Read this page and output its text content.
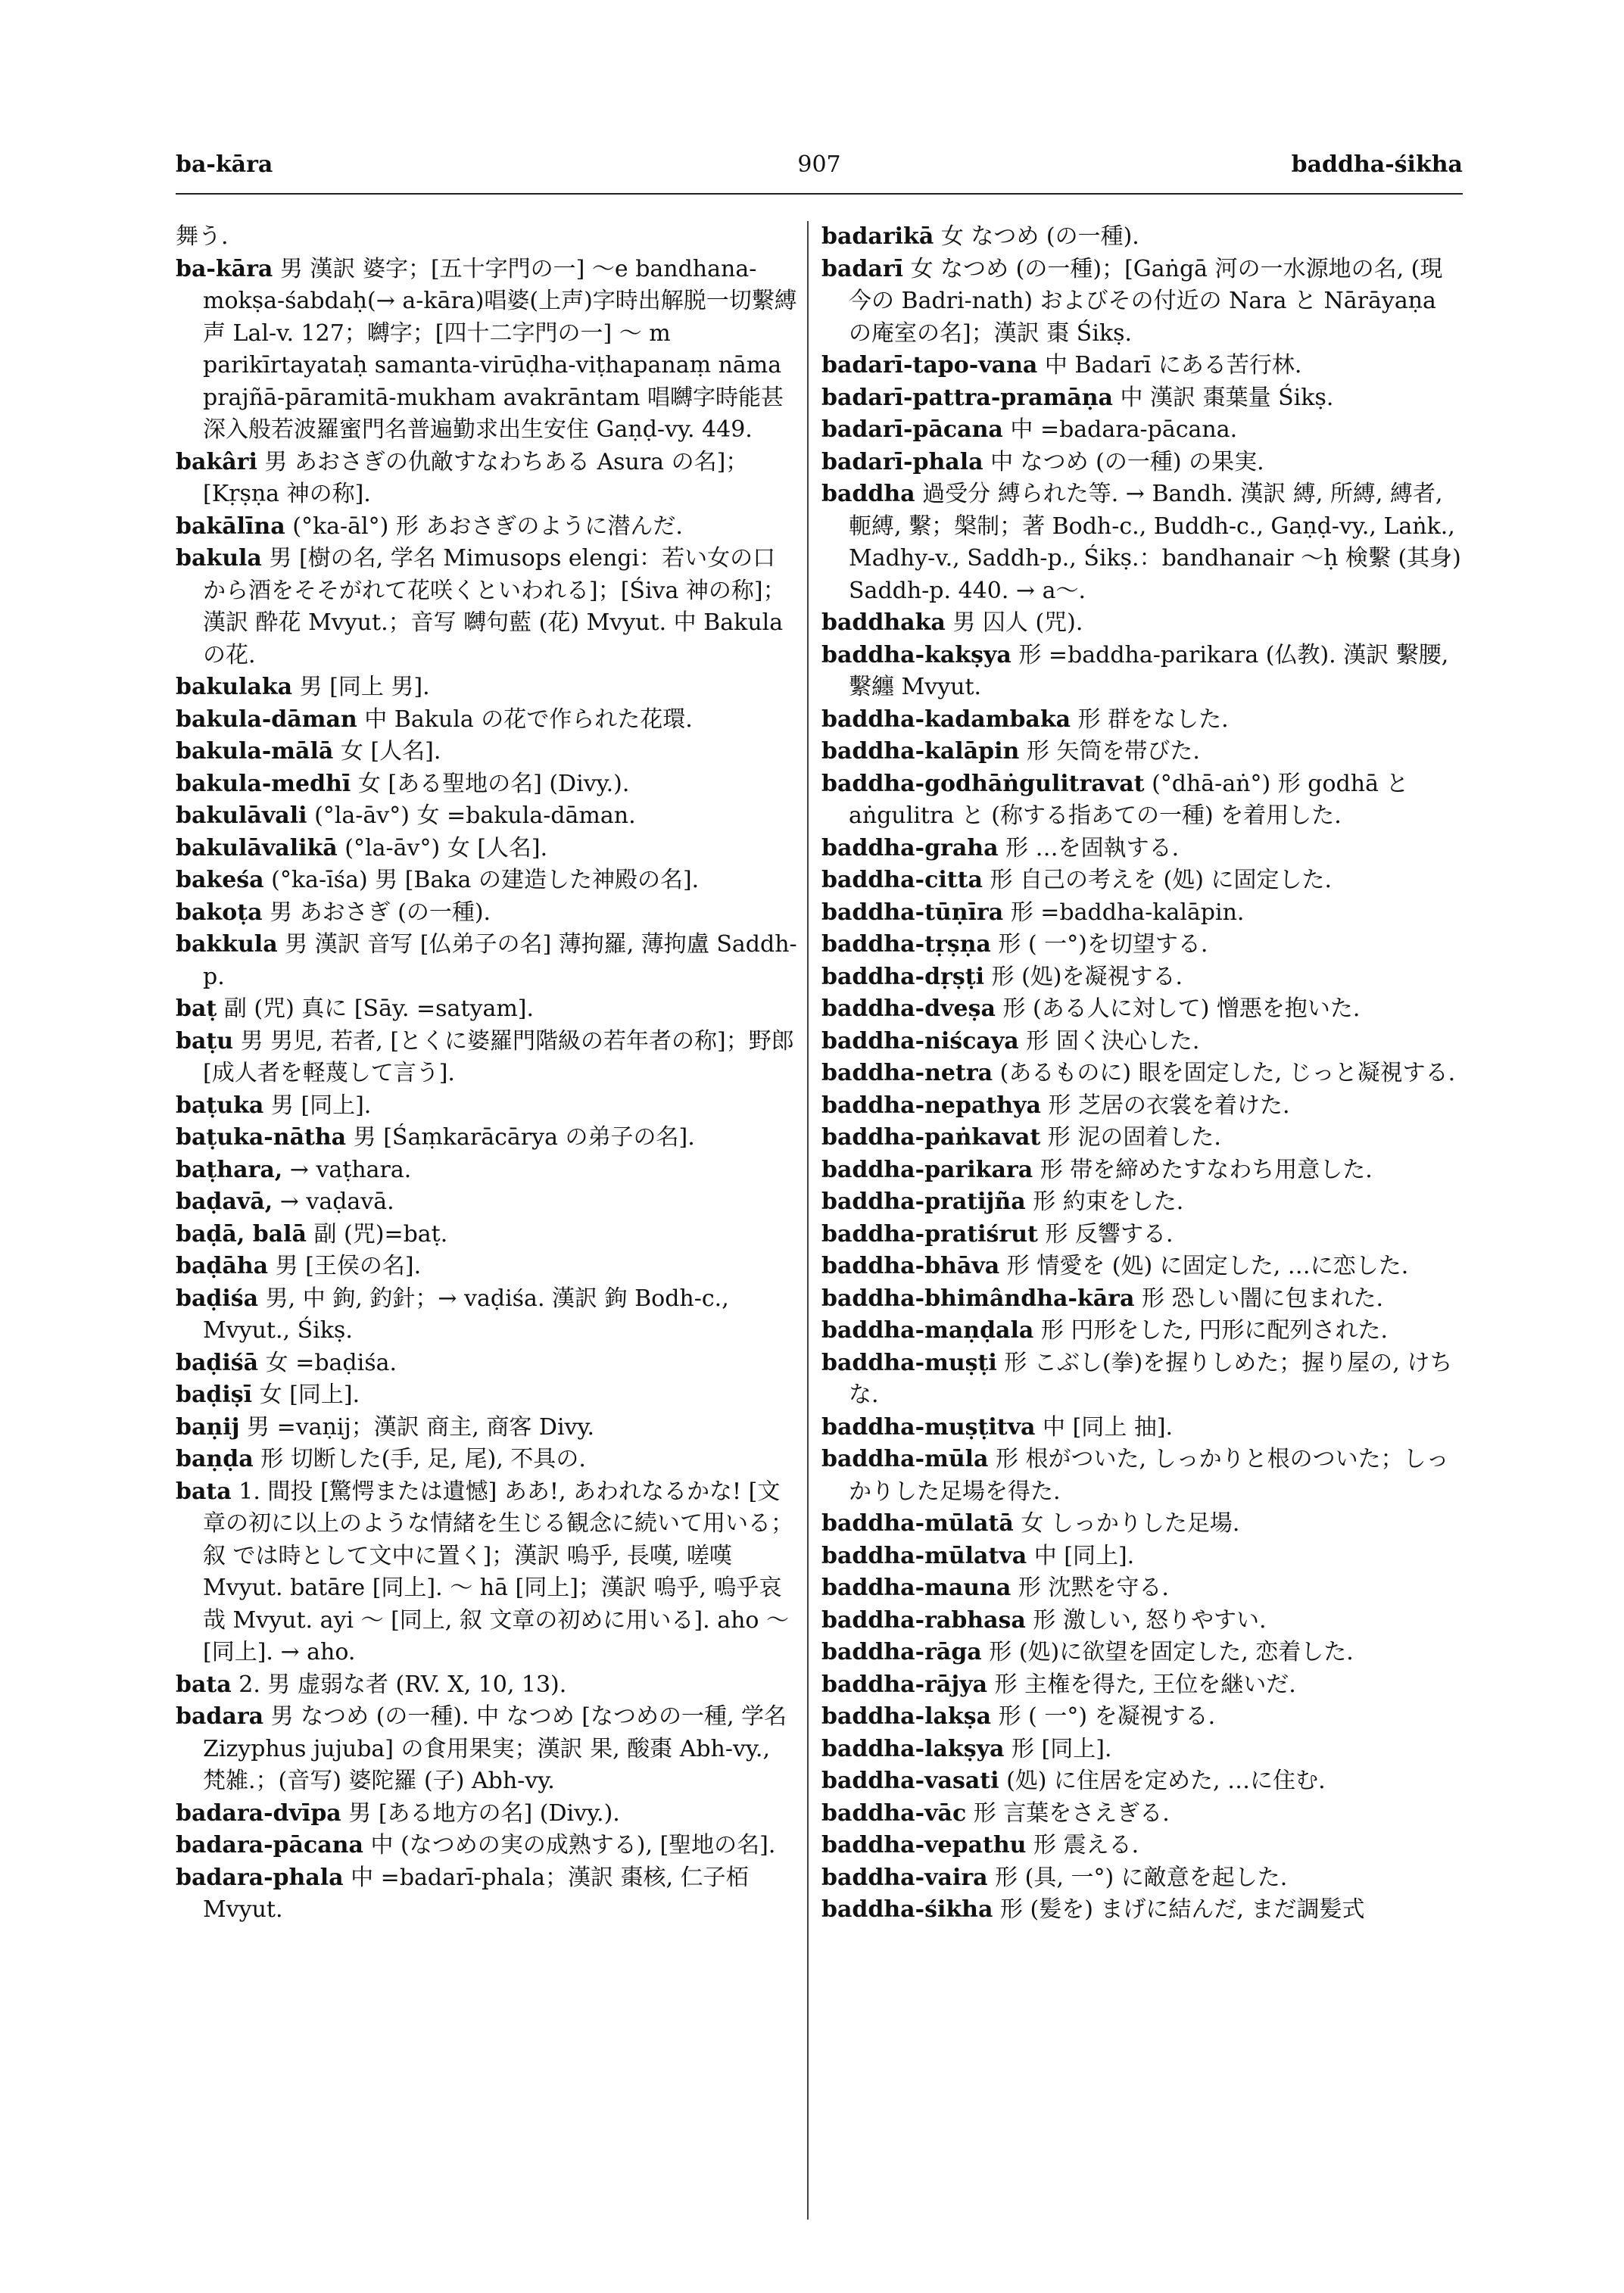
ba-kāra	907	baddha-śikha

舞う.

ba-kāra 男 漢訳 婆字；[五十字門の一] ～e bandhana-mokṣa-śabdaḥ(→ a-kāra)唱婆(上声)字時出解脱一切繫縛声 Lal-v. 127；嚩字；[四十二字門の一] ～ m parikīrtayataḥ samanta-virūḍha-viṭhapanaṃ nāma prajñā-pāramitā-mukham avakrāntam 唱嚩字時能甚深入般若波羅蜜門名普遍勤求出生安住 Gaṇḍ-vy. 449.

bakâri 男 あおさぎの仇敵すなわちある Asura の名]；[Kṛṣṇa 神の称].

bakālīna (°ka-āl°) 形 あおさぎのように潜んだ.

bakula 男 [樹の名, 学名 Mimusops elengi：若い女の口から酒をそそがれて花咲くといわれる]；[Śiva 神の称]；漢訳 酔花 Mvyut.；音写 嚩句藍 (花) Mvyut. 中 Bakula の花.

bakulaka 男 [同上 男].

bakula-dāman 中 Bakula の花で作られた花環.

bakula-mālā 女 [人名].

bakula-medhī 女 [ある聖地の名] (Divy.).

bakulāvali (°la-āv°) 女 =bakula-dāman.

bakulāvalikā (°la-āv°) 女 [人名].

bakeśa (°ka-īśa) 男 [Baka の建造した神殿の名].

bakoṭa 男 あおさぎ (の一種).

bakkula 男 漢訳 音写 [仏弟子の名] 薄拘羅, 薄拘盧 Saddh-p.

baṭ 副 (咒) 真に [Sāy. =satyam].

baṭu 男 男児, 若者, [とくに婆羅門階級の若年者の称]；野郎 [成人者を軽蔑して言う].

baṭuka 男 [同上].

baṭuka-nātha 男 [Śaṃkarācārya の弟子の名].

baṭhara, → vaṭhara.

baḍavā, → vaḍavā.

baḍā, balā 副 (咒)=baṭ.

baḍāha 男 [王侯の名].

baḍiśa 男, 中 鉤, 釣針；→ vaḍiśa. 漢訳 鉤 Bodh-c., Mvyut., Śikṣ.

baḍiśā 女 =baḍiśa.

baḍiṣī 女 [同上].

baṇij 男 =vaṇij；漢訳 商主, 商客 Divy.

baṇḍa 形 切断した(手, 足, 尾), 不具の.

bata 1. 間投 [驚愕または遺憾] ああ!, あわれなるかな! [文章の初に以上のような情緒を生じる観念に続いて用いる；叙 では時として文中に置く]；漢訳 嗚乎, 長嘆, 嗟嘆 Mvyut. batāre [同上]. ～ hā [同上]；漢訳 嗚乎, 嗚乎哀哉 Mvyut. ayi ～ [同上, 叙 文章の初めに用いる]. aho ～ [同上]. → aho.

bata 2. 男 虚弱な者 (RV. X, 10, 13).

badara 男 なつめ (の一種). 中 なつめ [なつめの一種, 学名 Zizyphus jujuba] の食用果実；漢訳 果, 酸棗 Abh-vy., 梵雑.；(音写) 婆陀羅 (子) Abh-vy.

badara-dvīpa 男 [ある地方の名] (Divy.).

badara-pācana 中 (なつめの実の成熟する), [聖地の名].

badara-phala 中 =badarī-phala；漢訳 棗核, 仁子栢 Mvyut.

badarikā 女 なつめ (の一種).

badarī 女 なつめ (の一種)；[Gaṅgā 河の一水源地の名, (現今の Badri-nath) およびその付近の Nara と Nārāyaṇa の庵室の名]；漢訳 棗 Śikṣ.

badarī-tapo-vana 中 Badarī にある苦行林.

badarī-pattra-pramāṇa 中 漢訳 棗葉量 Śikṣ.

badarī-pācana 中 =badara-pācana.

badarī-phala 中 なつめ (の一種) の果実.

baddha 過受分 縛られた等. → Bandh. 漢訳 縛, 所縛, 縛者, 軛縛, 繫；槃制；著 Bodh-c., Buddh-c., Gaṇḍ-vy., Laṅk., Madhy-v., Saddh-p., Śikṣ.：bandhanair ～ḥ 検繫 (其身) Saddh-p. 440. → a～.

baddhaka 男 囚人 (咒).

baddha-kakṣya 形 =baddha-parikara (仏教). 漢訳 繫腰, 繫纏 Mvyut.

baddha-kadambaka 形 群をなした.

baddha-kalāpin 形 矢筒を帯びた.

baddha-godhāṅgulitravat (°dhā-aṅ°) 形 godhā と aṅgulitra と (称する指あての一種) を着用した.

baddha-graha 形 …を固執する.

baddha-citta 形 自己の考えを (処) に固定した.

baddha-tūṇīra 形 =baddha-kalāpin.

baddha-tṛṣṇa 形 ( 一°)を切望する.

baddha-dṛṣṭi 形 (処)を凝視する.

baddha-dveṣa 形 (ある人に対して) 憎悪を抱いた.

baddha-niścaya 形 固く決心した.

baddha-netra (あるものに) 眼を固定した, じっと凝視する.

baddha-nepathya 形 芝居の衣裳を着けた.

baddha-paṅkavat 形 泥の固着した.

baddha-parikara 形 帯を締めたすなわち用意した.

baddha-pratijña 形 約束をした.

baddha-pratiśrut 形 反響する.

baddha-bhāva 形 情愛を (処) に固定した, …に恋した.

baddha-bhimândha-kāra 形 恐しい闇に包まれた.

baddha-maṇḍala 形 円形をした, 円形に配列された.

baddha-muṣṭi 形 こぶし(拳)を握りしめた；握り屋の, けちな.

baddha-muṣṭitva 中 [同上 抽].

baddha-mūla 形 根がついた, しっかりと根のついた；しっかりした足場を得た.

baddha-mūlatā 女 しっかりした足場.

baddha-mūlatva 中 [同上].

baddha-mauna 形 沈黙を守る.

baddha-rabhasa 形 激しい, 怒りやすい.

baddha-rāga 形 (処)に欲望を固定した, 恋着した.

baddha-rājya 形 主権を得た, 王位を継いだ.

baddha-lakṣa 形 ( 一°) を凝視する.

baddha-lakṣya 形 [同上].

baddha-vasati (処) に住居を定めた, …に住む.

baddha-vāc 形 言葉をさえぎる.

baddha-vepathu 形 震える.

baddha-vaira 形 (具, 一°) に敵意を起した.

baddha-śikha 形 (髪を) まげに結んだ, まだ調髪式
